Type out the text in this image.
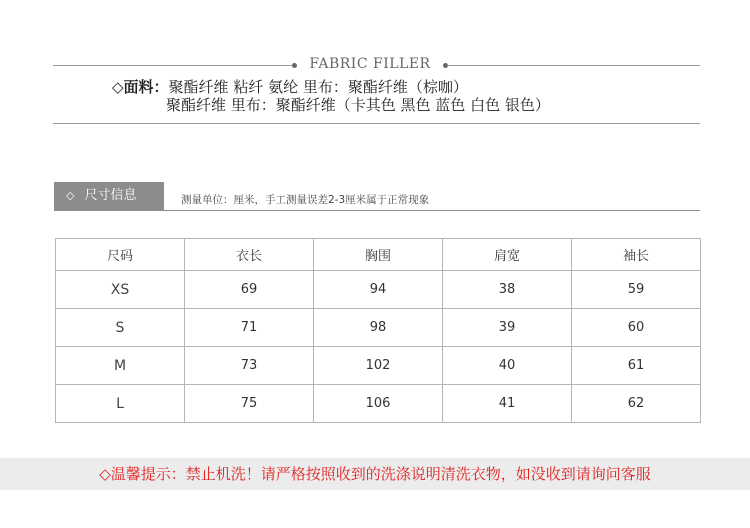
FABRIC FILLER
◇面料：聚酯纤维 粘纤 氨纶 里布：聚酯纤维（棕咖）
聚酯纤维 里布：聚酯纤维（卡其色 黑色 蓝色 白色 银色）
◇ 尺寸信息	测量单位：厘米，手工测量误差2-3厘米属于正常现象
尺码	衣长	胸围	肩宽	袖长
XS	69	94	38	59
S	71	98	39	60
M	73	102	40	61
L	75	106	41	62
◇温馨提示：禁止机洗！请严格按照收到的洗涤说明清洗衣物，如没收到请询问客服
